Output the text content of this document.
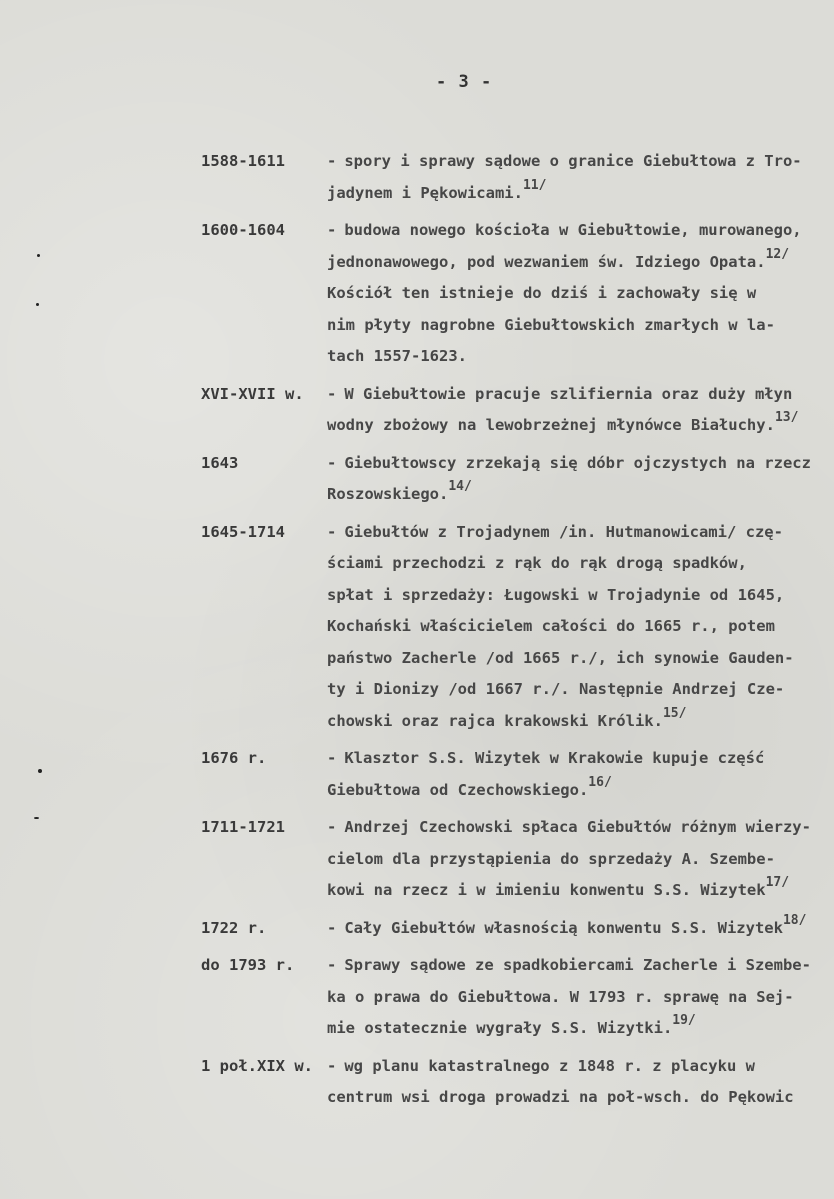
- 3 -
1588-1611	- spory i sprawy sądowe o granice Giebułtowa z Tro-
jadynem i Pękowicami.$^{11/}$
1600-1604	- budowa nowego kościoła w Giebułtowie, murowanego,
jednonawowego, pod wezwaniem św. Idziego Opata.$^{12/}$
Kościół ten istnieje do dziś i zachowały się w
nim płyty nagrobne Giebułtowskich zmarłych w la-
tach 1557-1623.
XVI-XVII w.	- W Giebułtowie pracuje szlifiernia oraz duży młyn
wodny zbożowy na lewobrzeżnej młynówce Białuchy.$^{13/}$
1643	- Giebułtowscy zrzekają się dóbr ojczystych na rzecz
Roszowskiego.$^{14/}$
1645-1714	- Giebułtów z Trojadynem /in. Hutmanowicami/ czę-
ściami przechodzi z rąk do rąk drogą spadków,
spłat i sprzedaży: Ługowski w Trojadynie od 1645,
Kochański właścicielem całości do 1665 r., potem
państwo Zacherle /od 1665 r./, ich synowie Gauden-
ty i Dionizy /od 1667 r./. Następnie Andrzej Cze-
chowski oraz rajca krakowski Królik.$^{15/}$
1676 r.	- Klasztor S.S. Wizytek w Krakowie kupuje część
Giebułtowa od Czechowskiego.$^{16/}$
1711-1721	- Andrzej Czechowski spłaca Giebułtów różnym wierzy-
cielom dla przystąpienia do sprzedaży A. Szembe-
kowi na rzecz i w imieniu konwentu S.S. Wizytek$^{17/}$
1722 r.	- Cały Giebułtów własnością konwentu S.S. Wizytek$^{18/}$
do 1793 r.	- Sprawy sądowe ze spadkobiercami Zacherle i Szembe-
ka o prawa do Giebułtowa. W 1793 r. sprawę na Sej-
mie ostatecznie wygrały S.S. Wizytki.$^{19/}$
1 poł.XIX w. - wg planu katastralnego z 1848 r. z placyku w
centrum wsi droga prowadzi na poł-wsch. do Pękowic
